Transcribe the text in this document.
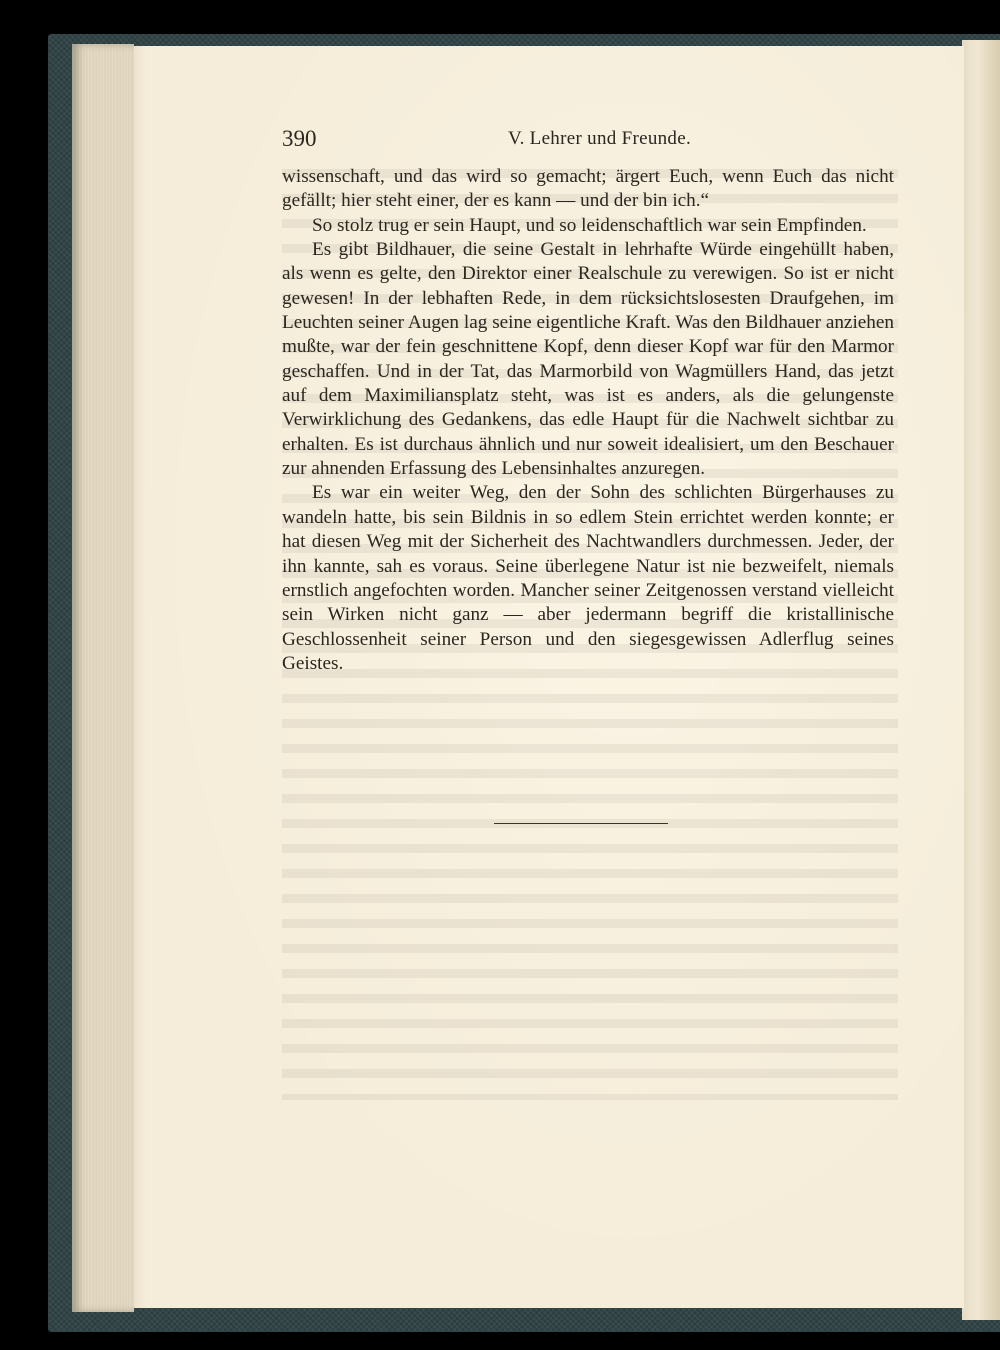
390	V. Lehrer und Freunde.

wissenschaft, und das wird so gemacht; ärgert Euch, wenn Euch das nicht gefällt; hier steht einer, der es kann — und der bin ich.“

So stolz trug er sein Haupt, und so leidenschaftlich war sein Empfinden.

Es gibt Bildhauer, die seine Gestalt in lehrhafte Würde eingehüllt haben, als wenn es gelte, den Direktor einer Realschule zu verewigen. So ist er nicht gewesen! In der lebhaften Rede, in dem rücksichtslosesten Draufgehen, im Leuchten seiner Augen lag seine eigentliche Kraft. Was den Bildhauer anziehen mußte, war der fein geschnittene Kopf, denn dieser Kopf war für den Marmor geschaffen. Und in der Tat, das Marmorbild von Wagmüllers Hand, das jetzt auf dem Maximiliansplatz steht, was ist es anders, als die gelungenste Verwirklichung des Gedankens, das edle Haupt für die Nachwelt sichtbar zu erhalten. Es ist durchaus ähnlich und nur soweit idealisiert, um den Beschauer zur ahnenden Erfassung des Lebensinhaltes anzuregen.

Es war ein weiter Weg, den der Sohn des schlichten Bürgerhauses zu wandeln hatte, bis sein Bildnis in so edlem Stein errichtet werden konnte; er hat diesen Weg mit der Sicherheit des Nachtwandlers durchmessen. Jeder, der ihn kannte, sah es voraus. Seine überlegene Natur ist nie bezweifelt, niemals ernstlich angefochten worden. Mancher seiner Zeitgenossen verstand vielleicht sein Wirken nicht ganz — aber jedermann begriff die kristallinische Geschlossenheit seiner Person und den siegesgewissen Adlerflug seines Geistes.
